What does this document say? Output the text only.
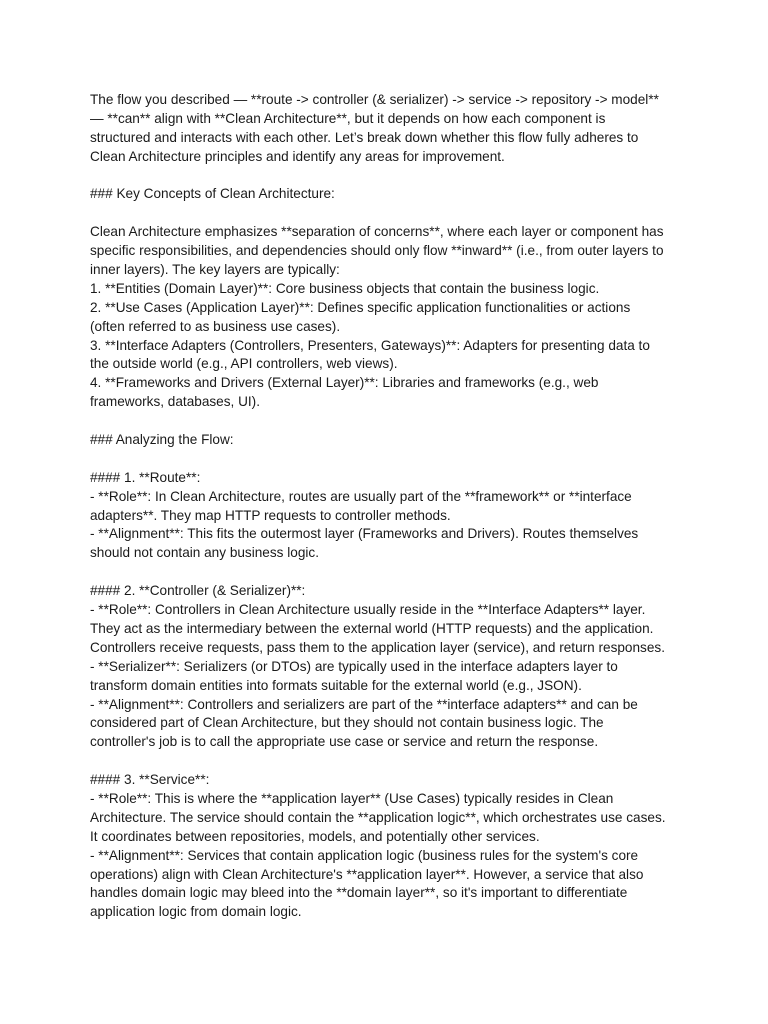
The flow you described — **route -> controller (& serializer) -> service -> repository -> model**
— **can** align with **Clean Architecture**, but it depends on how each component is
structured and interacts with each other. Let’s break down whether this flow fully adheres to
Clean Architecture principles and identify any areas for improvement.
### Key Concepts of Clean Architecture:
Clean Architecture emphasizes **separation of concerns**, where each layer or component has
specific responsibilities, and dependencies should only flow **inward** (i.e., from outer layers to
inner layers). The key layers are typically:
1. **Entities (Domain Layer)**: Core business objects that contain the business logic.
2. **Use Cases (Application Layer)**: Defines specific application functionalities or actions
(often referred to as business use cases).
3. **Interface Adapters (Controllers, Presenters, Gateways)**: Adapters for presenting data to
the outside world (e.g., API controllers, web views).
4. **Frameworks and Drivers (External Layer)**: Libraries and frameworks (e.g., web
frameworks, databases, UI).
### Analyzing the Flow:
#### 1. **Route**:
- **Role**: In Clean Architecture, routes are usually part of the **framework** or **interface
adapters**. They map HTTP requests to controller methods.
- **Alignment**: This fits the outermost layer (Frameworks and Drivers). Routes themselves
should not contain any business logic.
#### 2. **Controller (& Serializer)**:
- **Role**: Controllers in Clean Architecture usually reside in the **Interface Adapters** layer.
They act as the intermediary between the external world (HTTP requests) and the application.
Controllers receive requests, pass them to the application layer (service), and return responses.
- **Serializer**: Serializers (or DTOs) are typically used in the interface adapters layer to
transform domain entities into formats suitable for the external world (e.g., JSON).
- **Alignment**: Controllers and serializers are part of the **interface adapters** and can be
considered part of Clean Architecture, but they should not contain business logic. The
controller's job is to call the appropriate use case or service and return the response.
#### 3. **Service**:
- **Role**: This is where the **application layer** (Use Cases) typically resides in Clean
Architecture. The service should contain the **application logic**, which orchestrates use cases.
It coordinates between repositories, models, and potentially other services.
- **Alignment**: Services that contain application logic (business rules for the system's core
operations) align with Clean Architecture's **application layer**. However, a service that also
handles domain logic may bleed into the **domain layer**, so it's important to differentiate
application logic from domain logic.
